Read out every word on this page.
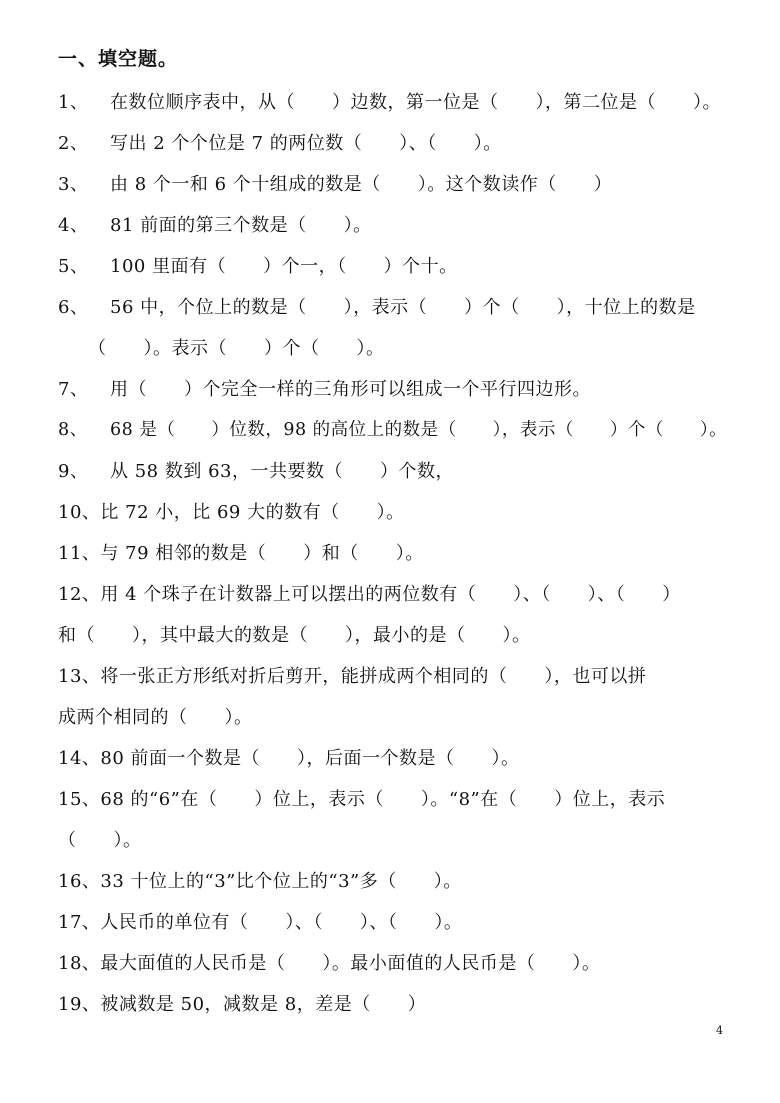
一、填空题。
1、 在数位顺序表中，从（　　）边数，第一位是（　　），第二位是（　　）。
2、 写出 2 个个位是 7 的两位数（　　）、（　　）。
3、 由 8 个一和 6 个十组成的数是（　　）。这个数读作（　　）
4、 81 前面的第三个数是（　　）。
5、 100 里面有（　　）个一，（　　）个十。
6、 56 中，个位上的数是（　　），表示（　　）个（　　），十位上的数是
（　　）。表示（　　）个（　　）。
7、 用（　　）个完全一样的三角形可以组成一个平行四边形。
8、 68 是（　　）位数，98 的高位上的数是（　　），表示（　　）个（　　）。
9、 从 58 数到 63，一共要数（　　）个数，
10、比 72 小，比 69 大的数有（　　）。
11、与 79 相邻的数是（　　）和（　　）。
12、用 4 个珠子在计数器上可以摆出的两位数有（　　）、（　　）、（　　）
和（　　），其中最大的数是（　　），最小的是（　　）。
13、将一张正方形纸对折后剪开，能拼成两个相同的（　　），也可以拼
成两个相同的（　　）。
14、80 前面一个数是（　　），后面一个数是（　　）。
15、68 的“6”在（　　）位上，表示（　　）。“8”在（　　）位上，表示
（　　）。
16、33 十位上的“3”比个位上的“3”多（　　）。
17、人民币的单位有（　　）、（　　）、（　　）。
18、最大面值的人民币是（　　）。最小面值的人民币是（　　）。
19、被减数是 50，减数是 8，差是（　　）
4
